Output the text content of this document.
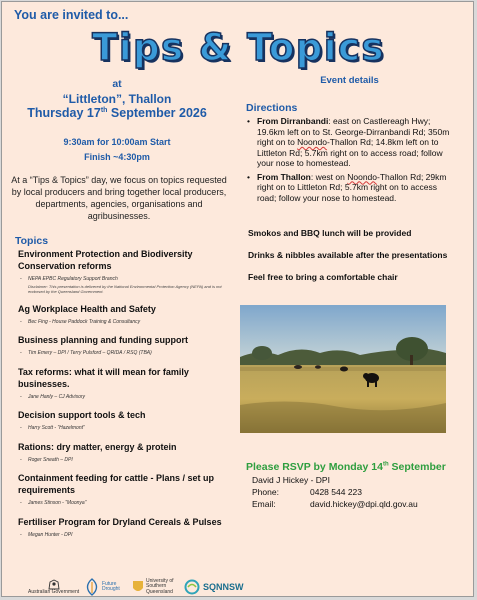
You are invited to...
Tips & Topics
at
“Littleton”, Thallon
Thursday 17th September 2026
9:30am for 10:00am Start
Finish ~4:30pm
At a “Tips & Topics” day, we focus on topics requested by local producers and bring together local producers, departments, agencies, organisations and agribusinesses.
Topics
Environment Protection and Biodiversity Conservation reforms
- NEPA EPBC Regulatory Support Branch
Disclaimer: This presentation is delivered by the National Environmental Protection Agency (NEPA) and is not endorsed by the Queensland Government.
Ag Workplace Health and Safety
- Bec Fing - House Paddock Training & Consultancy
Business planning and funding support
- Tim Emery – DPI / Terry Pulsford – QRIDA / RSQ (TBA)
Tax reforms: what it will mean for family businesses.
- Jane Hanly – CJ Advisory
Decision support tools & tech
- Harry Scott - “Hazelmont”
Rations: dry matter, energy & protein
- Roger Sneath – DPI
Containment feeding for cattle - Plans / set up requirements
- James Stinson - “Moonya”
Fertiliser Program for Dryland Cereals & Pulses
- Megan Hunter - DPI
Event details
Directions
• From Dirranbandi: east on Castlereagh Hwy; 19.6km left on to St. George-Dirranbandi Rd; 350m right on to Noondo-Thallon Rd; 14.8km left on to Littleton Rd; 5.7km right on to access road; follow your nose to homestead.
• From Thallon: west on Noondo-Thallon Rd; 29km right on to Littleton Rd; 5.7km right on to access road; follow your nose to homestead.
Smokos and BBQ lunch will be provided
Drinks & nibbles available after the presentations
Feel free to bring a comfortable chair
Please RSVP by Monday 14th September
David J Hickey - DPI
Phone:	0428 544 223
Email:	david.hickey@dpi.qld.gov.au
Australian Government
Future
Drought
University of
Southern
Queensland	SQNNSW
